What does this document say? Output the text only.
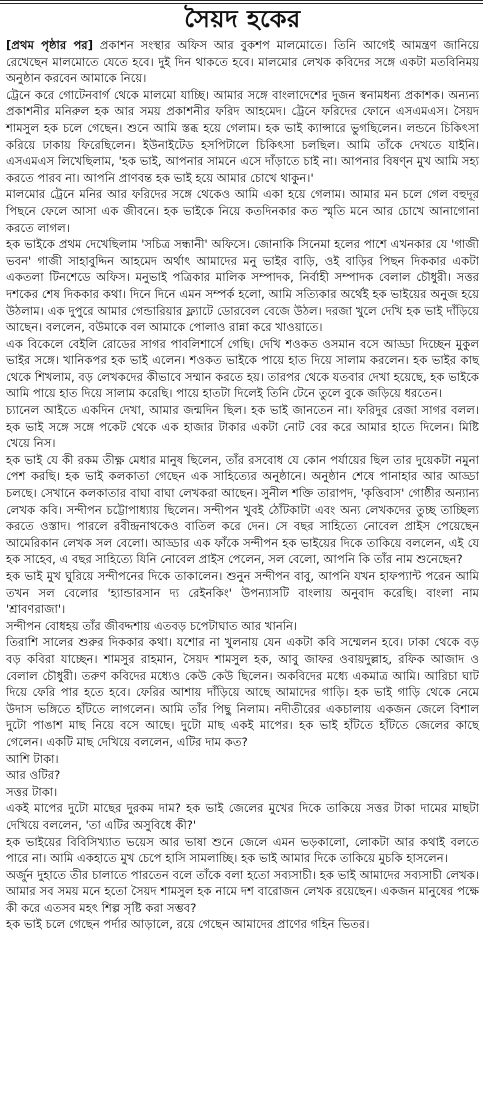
সৈয়দ হকের

[প্রথম পৃষ্ঠার পর] প্রকাশন সংস্থার অফিস আর বুকশপ মালমোতে। তিনি আগেই আমন্ত্রণ জানিয়ে রেখেছেন মালমোতে যেতে হবে। দুই দিন থাকতে হবে। মালমোর লেখক কবিদের সঙ্গে একটা মতবিনিময় অনুষ্ঠান করবেন আমাকে নিয়ে।

ট্রেনে করে গোটেনবার্গ থেকে মালমো যাচ্ছি। আমার সঙ্গে বাংলাদেশের দুজন স্বনামধন্য প্রকাশক। অন্যন্য প্রকাশনীর মনিরুল হক আর সময় প্রকাশনীর ফরিদ আহমেদ। ট্রেনে ফরিদের ফোনে এসএমএস। সৈয়দ শামসুল হক চলে গেছেন। শুনে আমি স্তব্ধ হয়ে গেলাম। হক ভাই ক্যান্সারে ভুগছিলেন। লন্ডনে চিকিৎসা করিয়ে ঢাকায় ফিরেছিলেন। ইউনাইটেড হসপিটালে চিকিৎসা চলছিল। আমি তাঁকে দেখতে যাইনি। এসএমএস লিখেছিলাম, 'হক ভাই, আপনার সামনে এসে দাঁড়াতে চাই না। আপনার বিষণ্ন মুখ আমি সহ্য করতে পারব না। আপনি প্রাণবন্ত হক ভাই হয়ে আমার চোখে থাকুন।'

মালমোর ট্রেনে মনির আর ফরিদের সঙ্গে থেকেও আমি একা হয়ে গেলাম। আমার মন চলে গেল বহুদূর পিছনে ফেলে আসা এক জীবনে। হক ভাইকে নিয়ে কতদিনকার কত স্মৃতি মনে আর চোখে আনাগোনা করতে লাগল।

হক ভাইকে প্রথম দেখেছিলাম 'সচিত্র সন্ধানী' অফিসে। জোনাকি সিনেমা হলের পাশে এখনকার যে 'গাজী ভবন' গাজী সাহাবুদ্দিন আহমেদ অর্থাৎ আমাদের মনু ভাইর বাড়ি, ওই বাড়ির পিছন দিককার একটা একতলা টিনশেডে অফিস। মনুভাই পত্রিকার মালিক সম্পাদক, নির্বাহী সম্পাদক বেলাল চৌধুরী। সত্তর দশকের শেষ দিককার কথা। দিনে দিনে এমন সম্পর্ক হলো, আমি সত্যিকার অর্থেই হক ভাইয়ের অনুজ হয়ে উঠলাম। এক দুপুরে আমার গেন্ডারিয়ার ফ্ল্যাটে ডোরবেল বেজে উঠল। দরজা খুলে দেখি হক ভাই দাঁড়িয়ে আছেন। বললেন, বউমাকে বল আমাকে পোলাও রান্না করে খাওয়াতে।

এক বিকেলে বেইলি রোডের সাগর পাবলিশার্সে গেছি। দেখি শওকত ওসমান বসে আড্ডা দিচ্ছেন মুকুল ভাইর সঙ্গে। খানিকপর হক ভাই এলেন। শওকত ভাইকে পায়ে হাত দিয়ে সালাম করলেন। হক ভাইর কাছ থেকে শিখলাম, বড় লেখকদের কীভাবে সম্মান করতে হয়। তারপর থেকে যতবার দেখা হয়েছে, হক ভাইকে আমি পায়ে হাত দিয়ে সালাম করেছি। পায়ে হাতটা দিলেই তিনি টেনে তুলে বুকে জড়িয়ে ধরতেন।

চ্যানেল আইতে একদিন দেখা, আমার জন্মদিন ছিল। হক ভাই জানতেন না। ফরিদুর রেজা সাগর বলল। হক ভাই সঙ্গে সঙ্গে পকেট থেকে এক হাজার টাকার একটা নোট বের করে আমার হাতে দিলেন। মিষ্টি খেয়ে নিস।

হক ভাই যে কী রকম তীক্ষ্ণ মেধার মানুষ ছিলেন, তাঁর রসবোধ যে কোন পর্যায়ের ছিল তার দুয়েকটা নমুনা পেশ করছি। হক ভাই কলকাতা গেছেন এক সাহিত্যের অনুষ্ঠানে। অনুষ্ঠান শেষে পানাহার আর আড্ডা চলছে। সেখানে কলকাতার বাঘা বাঘা লেখকরা আছেন। সুনীল শক্তি তারাপদ, 'কৃত্তিবাস' গোষ্ঠীর অন্যান্য লেখক কবি। সন্দীপন চট্টোপাধ্যায় ছিলেন। সন্দীপন খুবই ঠোঁটকাটা এবং অন্য লেখকদের তুচ্ছ তাচ্ছিল্য করতে ওস্তাদ। পারলে রবীন্দ্রনাথকেও বাতিল করে দেন। সে বছর সাহিত্যে নোবেল প্রাইস পেয়েছেন আমেরিকান লেখক সল বেলো। আড্ডার এক ফাঁকে সন্দীপন হক ভাইয়ের দিকে তাকিয়ে বললেন, এই যে হক সাহেব, এ বছর সাহিত্যে যিনি নোবেল প্রাইস পেলেন, সল বেলো, আপনি কি তাঁর নাম শুনেছেন?

হক ভাই মুখ ঘুরিয়ে সন্দীপনের দিকে তাকালেন। শুনুন সন্দীপন বাবু, আপনি যখন হাফপ্যান্ট পরেন আমি তখন সল বেলোর 'হ্যান্ডারসান দ্য রেইনকিং' উপন্যাসটি বাংলায় অনুবাদ করেছি। বাংলা নাম 'শ্রাবণরাজা'।

সন্দীপন বোধহয় তাঁর জীবদ্দশায় এতবড় চপেটাঘাত আর খাননি।

তিরাশি সালের শুরুর দিককার কথা। যশোর না খুলনায় যেন একটা কবি সম্মেলন হবে। ঢাকা থেকে বড় বড় কবিরা যাচ্ছেন। শামসুর রাহমান, সৈয়দ শামসুল হক, আবু জাফর ওবায়দুল্লাহ, রফিক আজাদ ও বেলাল চৌধুরী। তরুণ কবিদের মধ্যেও কেউ কেউ ছিলেন। অকবিদের মধ্যে একমাত্র আমি। আরিচা ঘাট দিয়ে ফেরি পার হতে হবে। ফেরির আশায় দাঁড়িয়ে আছে আমাদের গাড়ি। হক ভাই গাড়ি থেকে নেমে উদাস ভঙ্গিতে হাঁটতে লাগলেন। আমি তাঁর পিছু নিলাম। নদীতীরের একচালায় একজন জেলে বিশাল দুটো পাঙাশ মাছ নিয়ে বসে আছে। দুটো মাছ একই মাপের। হক ভাই হাঁটতে হাঁটতে জেলের কাছে গেলেন। একটি মাছ দেখিয়ে বললেন, এটির দাম কত?

আশি টাকা।

আর ওটির?

সত্তর টাকা।

একই মাপের দুটো মাছের দুরকম দাম? হক ভাই জেলের মুখের দিকে তাকিয়ে সত্তর টাকা দামের মাছটা দেখিয়ে বললেন, 'তা এটির অসুবিধে কী?'

হক ভাইয়ের বিবিসিখ্যাত ভয়েস আর ভাষা শুনে জেলে এমন ভড়কালো, লোকটা আর কথাই বলতে পারে না। আমি একহাতে মুখ চেপে হাসি সামলাচ্ছি। হক ভাই আমার দিকে তাকিয়ে মুচকি হাসলেন।

অর্জুন দুহাতে তীর চালাতে পারতেন বলে তাঁকে বলা হতো সব্যসাচী। হক ভাই আমাদের সব্যসাচী লেখক। আমার সব সময় মনে হতো সৈয়দ শামসুল হক নামে দশ বারোজন লেখক রয়েছেন। একজন মানুষের পক্ষে কী করে এতসব মহৎ শিল্প সৃষ্টি করা সম্ভব?

হক ভাই চলে গেছেন পর্দার আড়ালে, রয়ে গেছেন আমাদের প্রাণের গহিন ভিতর।
